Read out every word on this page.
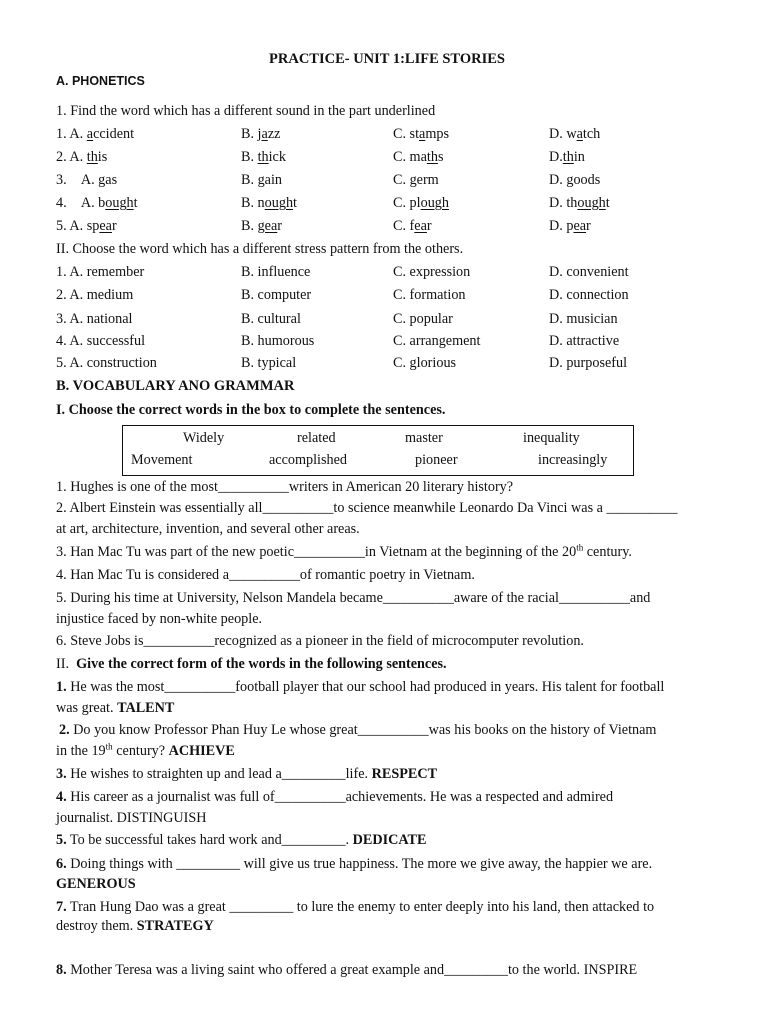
PRACTICE- UNIT 1:LIFE STORIES
A. PHONETICS
1. Find the word which has a different sound in the part underlined
1. A. accident	B. jazz	C. stamps	D. watch
2. A. this	B. thick	C. maths	D.thin
3.    A. gas	B. gain	C. germ	D. goods
4.    A. bought	B. nought	C. plough	D. thought
5. A. spear	B. gear	C. fear	D. pear
II. Choose the word which has a different stress pattern from the others.
1. A. remember	B. influence	C. expression	D. convenient
2. A. medium	B. computer	C. formation	D. connection
3. A. national	B. cultural	C. popular	D. musician
4. A. successful	B. humorous	C. arrangement	D. attractive
5. A. construction	B. typical	C. glorious	D. purposeful
B. VOCABULARY ANO GRAMMAR
I. Choose the correct words in the box to complete the sentences.
Widely	related	master	inequality
Movement	accomplished	pioneer	increasingly
1. Hughes is one of the most__________writers in American 20 literary history?
2. Albert Einstein was essentially all__________to science meanwhile Leonardo Da Vinci was a __________
at art, architecture, invention, and several other areas.
3. Han Mac Tu was part of the new poetic__________in Vietnam at the beginning of the 20th century.
4. Han Mac Tu is considered a__________of romantic poetry in Vietnam.
5. During his time at University, Nelson Mandela became__________aware of the racial__________and
injustice faced by non-white people.
6. Steve Jobs is__________recognized as a pioneer in the field of microcomputer revolution.
II. Give the correct form of the words in the following sentences.
1. He was the most__________football player that our school had produced in years. His talent for football
was great. TALENT
2. Do you know Professor Phan Huy Le whose great__________was his books on the history of Vietnam
in the 19th century? ACHIEVE
3. He wishes to straighten up and lead a_________life. RESPECT
4. His career as a journalist was full of__________achievements. He was a respected and admired
journalist. DISTINGUISH
5. To be successful takes hard work and_________. DEDICATE
6. Doing things with _________ will give us true happiness. The more we give away, the happier we are.
GENEROUS
7. Tran Hung Dao was a great _________ to lure the enemy to enter deeply into his land, then attacked to
destroy them. STRATEGY
8. Mother Teresa was a living saint who offered a great example and_________to the world. INSPIRE
